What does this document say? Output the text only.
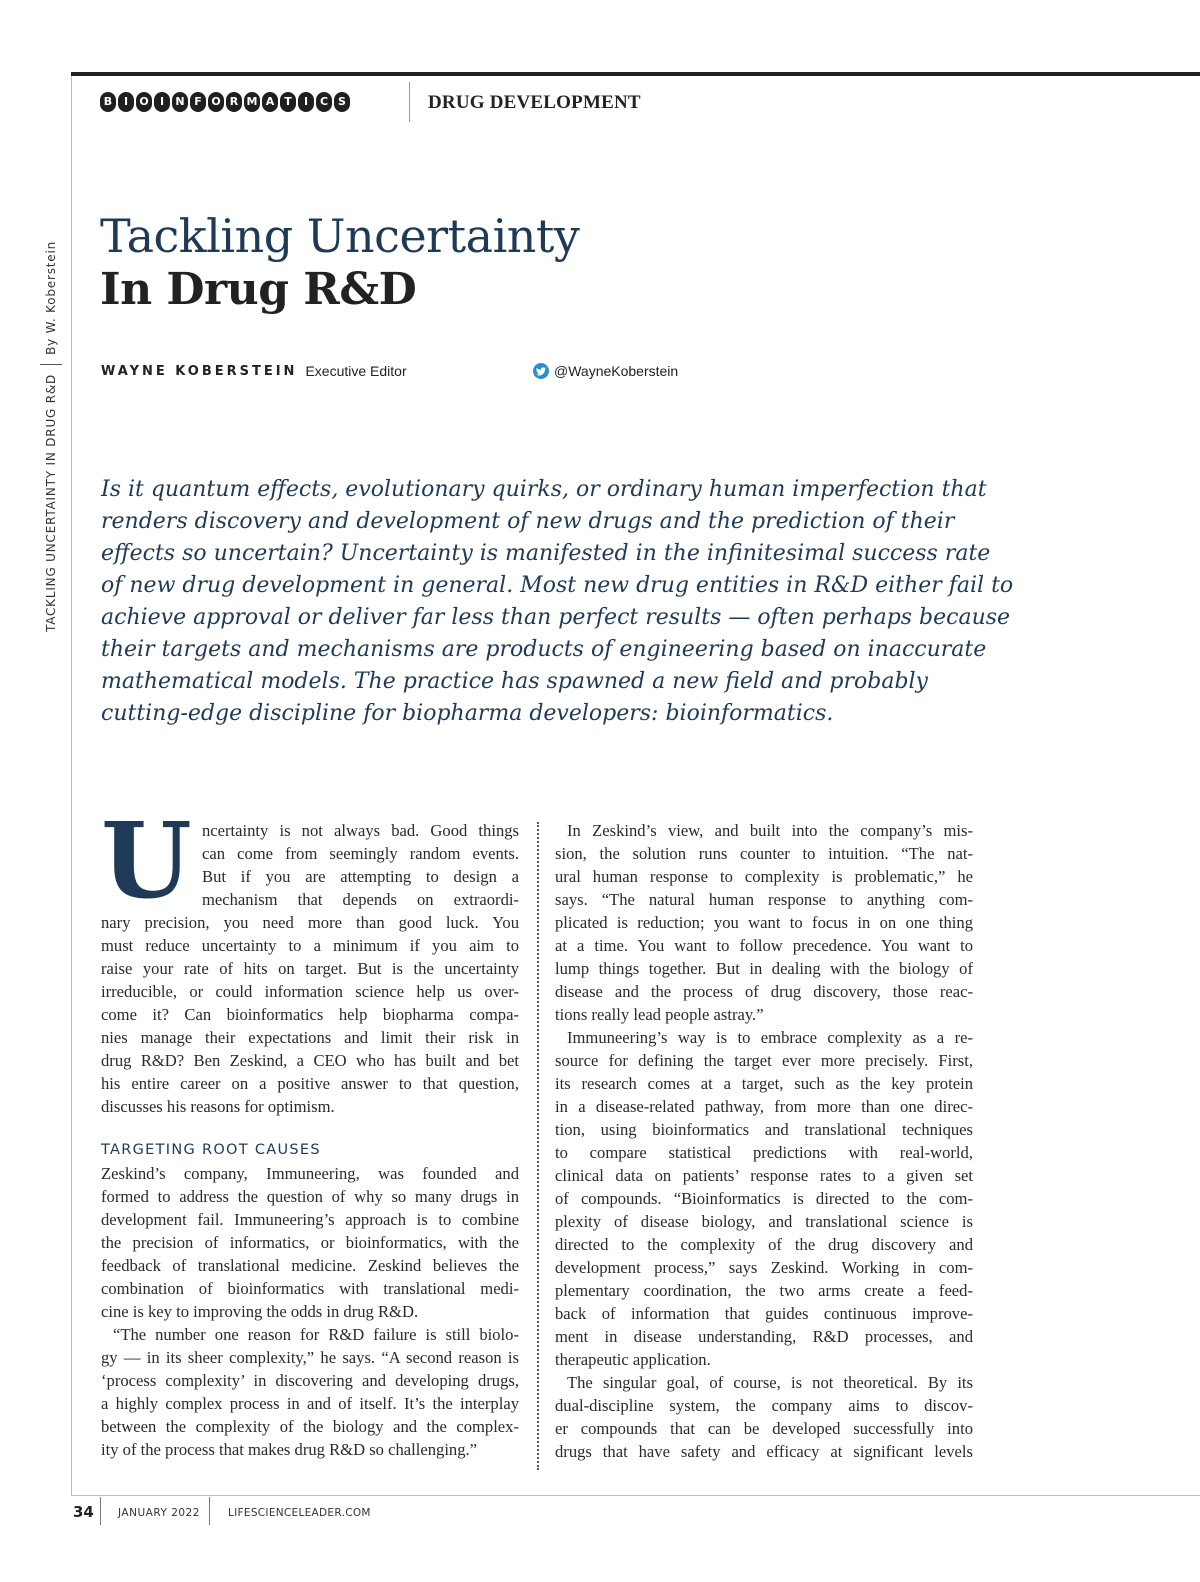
B	I	O	I	N F O R M A T	I	C S	DRUG DEVELOPMENT
TACKLING UNCERTAINTY IN DRUG R&D
By W. Koberstein
Tackling Uncertainty
In Drug R&D
WAYNE KOBERSTEIN Executive Editor	@WayneKoberstein
Is it quantum effects, evolutionary quirks, or ordinary human imperfection that
renders discovery and development of new drugs and the prediction of their
effects so uncertain? Uncertainty is manifested in the infinitesimal success rate
of new drug development in general. Most new drug entities in R&D either fail to
achieve approval or deliver far less than perfect results — often perhaps because
their targets and mechanisms are products of engineering based on inaccurate
mathematical models. The practice has spawned a new field and probably
cutting-edge discipline for biopharma developers: bioinformatics.
U ncertainty is not always bad. Good things
can come from seemingly random events.
But if you are attempting to design a
mechanism that depends on extraordi-
nary precision, you need more than good luck. You
must reduce uncertainty to a minimum if you aim to
raise your rate of hits on target. But is the uncertainty
irreducible, or could information science help us over-
come it? Can bioinformatics help biopharma compa-
nies manage their expectations and limit their risk in
drug R&D? Ben Zeskind, a CEO who has built and bet
his entire career on a positive answer to that question,
discusses his reasons for optimism.
TARGETING ROOT CAUSES
Zeskind’s company, Immuneering, was founded and
formed to address the question of why so many drugs in
development fail. Immuneering’s approach is to combine
the precision of informatics, or bioinformatics, with the
feedback of translational medicine. Zeskind believes the
combination of bioinformatics with translational medi-
cine is key to improving the odds in drug R&D.
“The number one reason for R&D failure is still biolo-
gy — in its sheer complexity,” he says. “A second reason is
‘process complexity’ in discovering and developing drugs,
a highly complex process in and of itself. It’s the interplay
between the complexity of the biology and the complex-
ity of the process that makes drug R&D so challenging.”
In Zeskind’s view, and built into the company’s mis-
sion, the solution runs counter to intuition. “The nat-
ural human response to complexity is problematic,” he
says. “The natural human response to anything com-
plicated is reduction; you want to focus in on one thing
at a time. You want to follow precedence. You want to
lump things together. But in dealing with the biology of
disease and the process of drug discovery, those reac-
tions really lead people astray.”
Immuneering’s way is to embrace complexity as a re-
source for defining the target ever more precisely. First,
its research comes at a target, such as the key protein
in a disease-related pathway, from more than one direc-
tion, using bioinformatics and translational techniques
to compare statistical predictions with real-world,
clinical data on patients’ response rates to a given set
of compounds. “Bioinformatics is directed to the com-
plexity of disease biology, and translational science is
directed to the complexity of the drug discovery and
development process,” says Zeskind. Working in com-
plementary coordination, the two arms create a feed-
back of information that guides continuous improve-
ment in disease understanding, R&D processes, and
therapeutic application.
The singular goal, of course, is not theoretical. By its
dual-discipline system, the company aims to discov-
er compounds that can be developed successfully into
drugs that have safety and efficacy at significant levels
34 JANUARY 2022	LIFESCIENCELEADER.COM
